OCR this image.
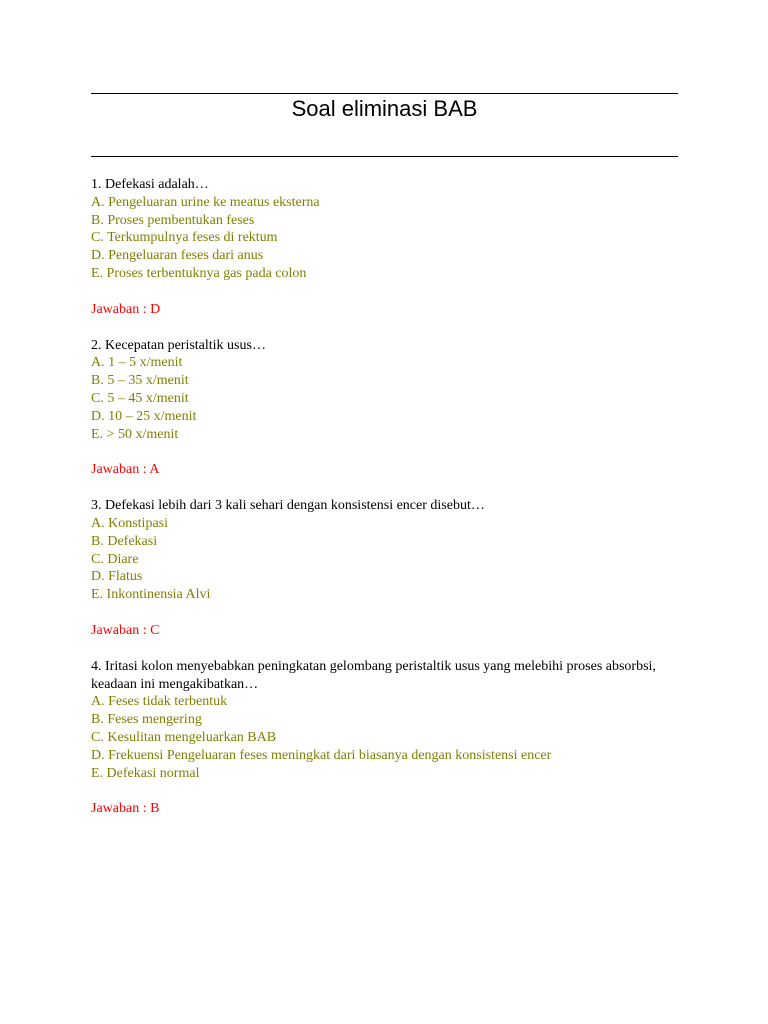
Soal eliminasi BAB
1. Defekasi adalah…
A. Pengeluaran urine ke meatus eksterna
B. Proses pembentukan feses
C. Terkumpulnya feses di rektum
D. Pengeluaran feses dari anus
E. Proses terbentuknya gas pada colon
Jawaban : D
2. Kecepatan peristaltik usus…
A. 1 – 5 x/menit
B. 5 – 35 x/menit
C. 5 – 45 x/menit
D. 10 – 25 x/menit
E. > 50 x/menit
Jawaban : A
3. Defekasi lebih dari 3 kali sehari dengan konsistensi encer disebut…
A. Konstipasi
B. Defekasi
C. Diare
D. Flatus
E. Inkontinensia Alvi
Jawaban : C
4. Iritasi kolon menyebabkan peningkatan gelombang peristaltik usus yang melebihi proses absorbsi, keadaan ini mengakibatkan…
A. Feses tidak terbentuk
B. Feses mengering
C. Kesulitan mengeluarkan BAB
D. Frekuensi Pengeluaran feses meningkat dari biasanya dengan konsistensi encer
E. Defekasi normal
Jawaban : B
